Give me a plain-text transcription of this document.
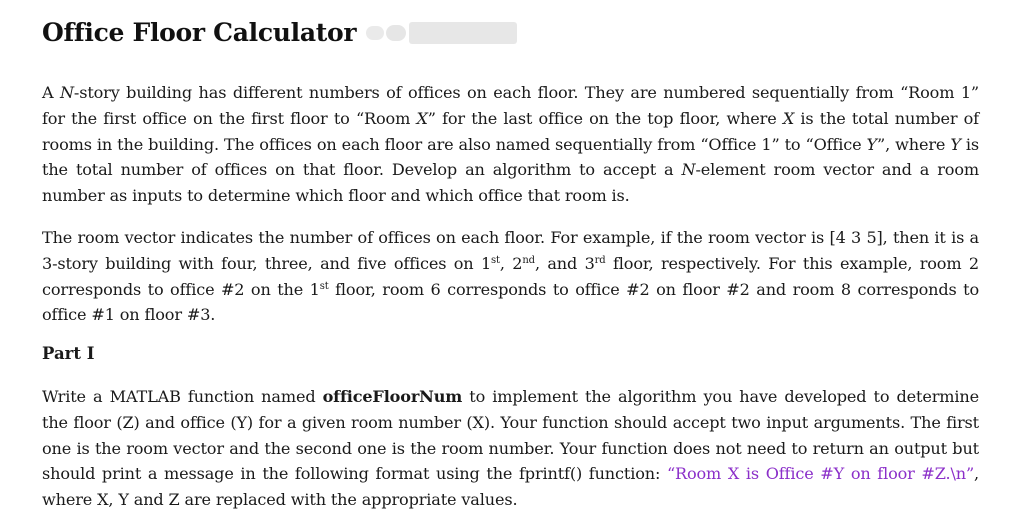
Office Floor Calculator
A N-story building has different numbers of offices on each floor. They are numbered sequentially from “Room 1” for the first office on the first floor to “Room X” for the last office on the top floor, where X is the total number of rooms in the building. The offices on each floor are also named sequentially from “Office 1” to “Office Y”, where Y is the total number of offices on that floor. Develop an algorithm to accept a N-element room vector and a room number as inputs to determine which floor and which office that room is.
The room vector indicates the number of offices on each floor. For example, if the room vector is [4 3 5], then it is a 3-story building with four, three, and five offices on 1st, 2nd, and 3rd floor, respectively. For this example, room 2 corresponds to office #2 on the 1st floor, room 6 corresponds to office #2 on floor #2 and room 8 corresponds to office #1 on floor #3.
Part I
Write a MATLAB function named officeFloorNum to implement the algorithm you have developed to determine the floor (Z) and office (Y) for a given room number (X). Your function should accept two input arguments. The first one is the room vector and the second one is the room number. Your function does not need to return an output but should print a message in the following format using the fprintf() function: “Room X is Office #Y on floor #Z.\n”, where X, Y and Z are replaced with the appropriate values.
